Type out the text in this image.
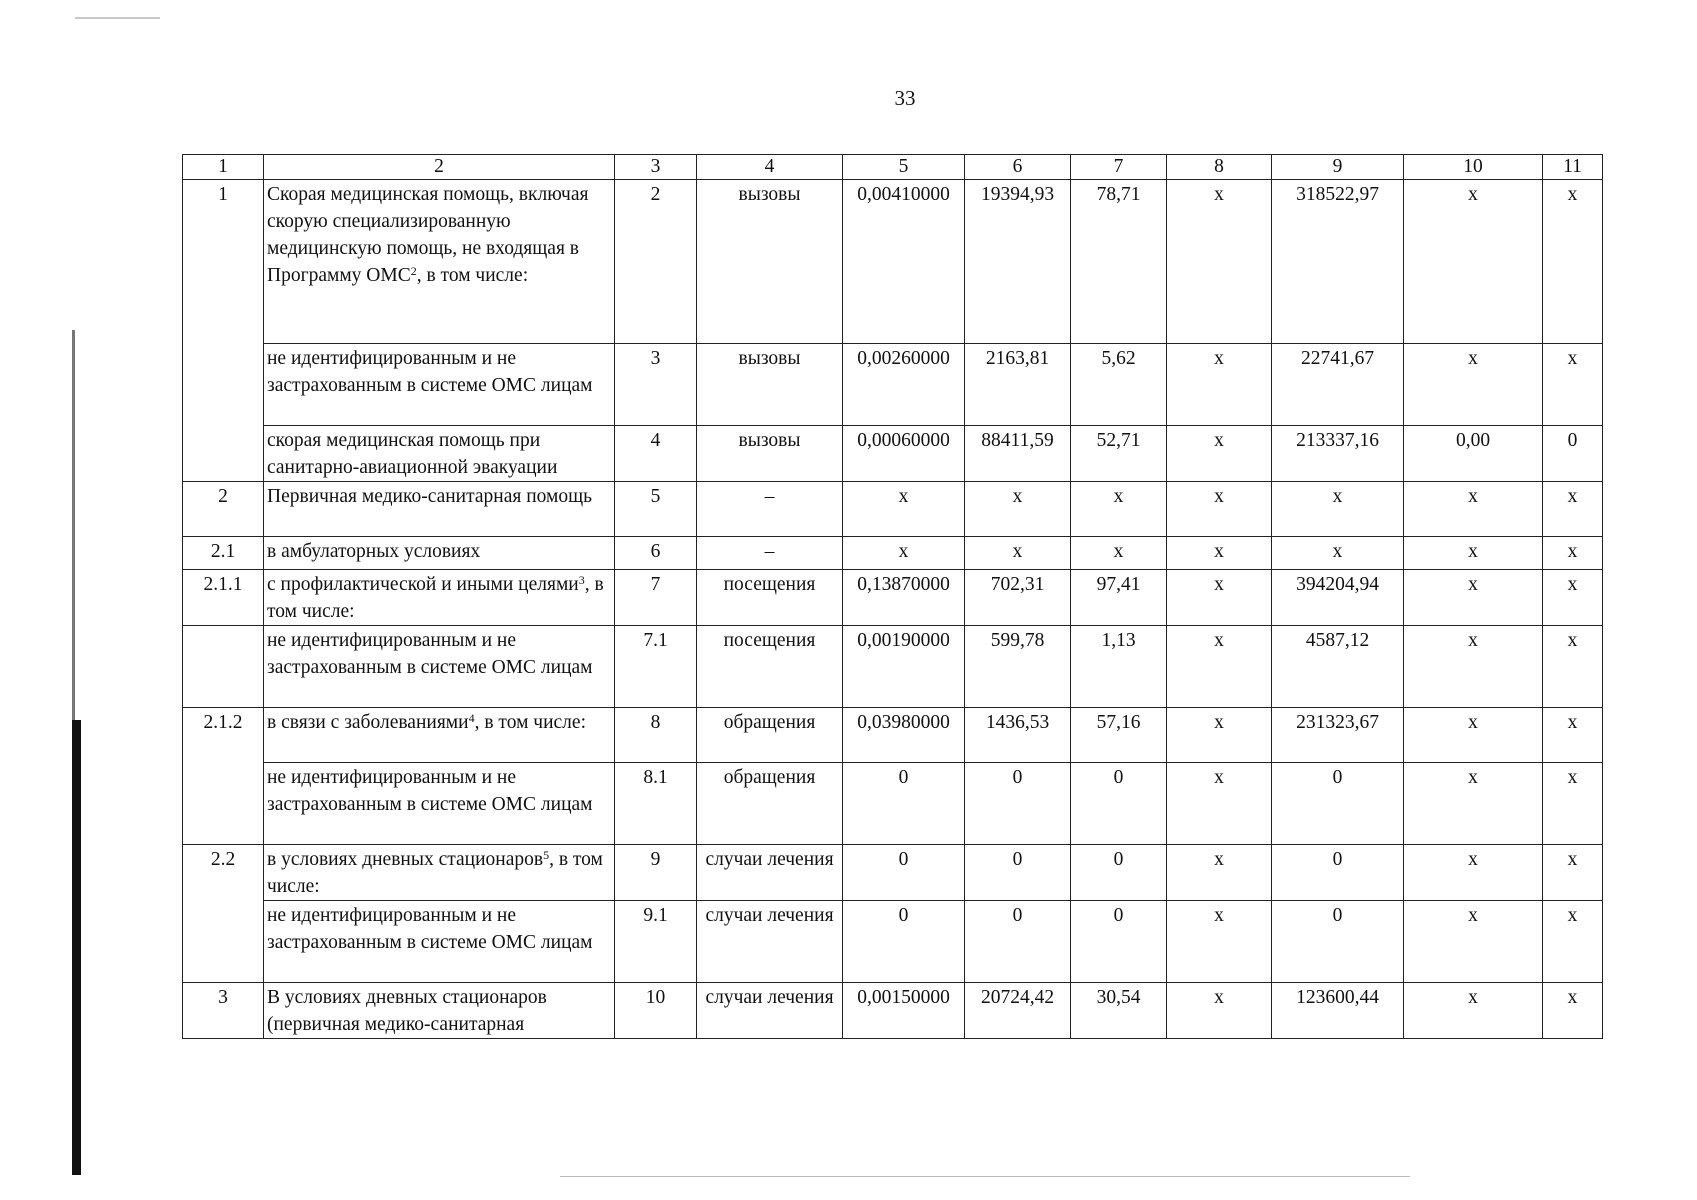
33
1	2	3	4	5	6	7	8	9	10	11
1	Скорая медицинская помощь, включая скорую специализированную медицинскую помощь, не входящая в Программу ОМС$^2$, в том числе:	2	вызовы	0,00410000	19394,93	78,71	х	318522,97	х	х
	не идентифицированным и не застрахованным в системе ОМС лицам	3	вызовы	0,00260000	2163,81	5,62	х	22741,67	х	х
	скорая медицинская помощь при санитарно-авиационной эвакуации	4	вызовы	0,00060000	88411,59	52,71	х	213337,16	0,00	0
2	Первичная медико-санитарная помощь	5	–	х	х	х	х	х	х	х
2.1	в амбулаторных условиях	6	–	х	х	х	х	х	х	х
2.1.1	с профилактической и иными целями$^3$, в том числе:	7	посещения	0,13870000	702,31	97,41	х	394204,94	х	х
	не идентифицированным и не застрахованным в системе ОМС лицам	7.1	посещения	0,00190000	599,78	1,13	х	4587,12	х	х
2.1.2	в связи с заболеваниями$^4$, в том числе:	8	обращения	0,03980000	1436,53	57,16	х	231323,67	х	х
	не идентифицированным и не застрахованным в системе ОМС лицам	8.1	обращения	0	0	0	х	0	х	х
2.2	в условиях дневных стационаров$^5$, в том числе:	9	случаи лечения	0	0	0	х	0	х	х
	не идентифицированным и не застрахованным в системе ОМС лицам	9.1	случаи лечения	0	0	0	х	0	х	х
3	В условиях дневных стационаров (первичная медико-санитарная	10	случаи лечения	0,00150000	20724,42	30,54	х	123600,44	х	х
